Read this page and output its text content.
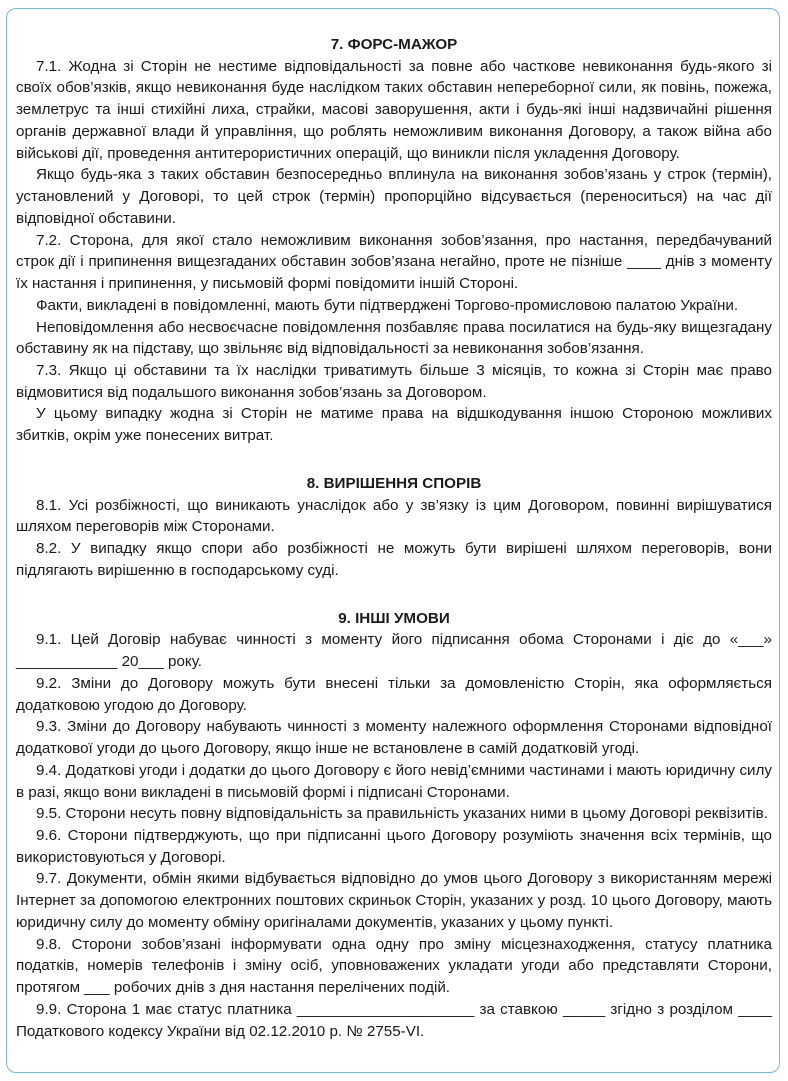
7. ФОРС-МАЖОР

7.1. Жодна зі Сторін не нестиме відповідальності за повне або часткове невиконання будь-якого зі своїх обов’язків, якщо невиконання буде наслідком таких обставин непереборної сили, як повінь, пожежа, землетрус та інші стихійні лиха, страйки, масові заворушення, акти і будь-які інші надзвичайні рішення органів державної влади й управління, що роблять неможливим виконання Договору, а також війна або військові дії, проведення антитерористичних операцій, що виникли після укладення Договору.

Якщо будь-яка з таких обставин безпосередньо вплинула на виконання зобов’язань у строк (термін), установлений у Договорі, то цей строк (термін) пропорційно відсувається (переноситься) на час дії відповідної обставини.

7.2. Сторона, для якої стало неможливим виконання зобов’язання, про настання, передбачуваний строк дії і припинення вищезгаданих обставин зобов’язана негайно, проте не пізніше ____ днів з моменту їх настання і припинення, у письмовій формі повідомити іншій Стороні.

Факти, викладені в повідомленні, мають бути підтверджені Торгово-промисловою палатою України.

Неповідомлення або несвоєчасне повідомлення позбавляє права посилатися на будь-яку вищезгадану обставину як на підставу, що звільняє від відповідальності за невиконання зобов’язання.

7.3. Якщо ці обставини та їх наслідки триватимуть більше 3 місяців, то кожна зі Сторін має право відмовитися від подальшого виконання зобов’язань за Договором.

У цьому випадку жодна зі Сторін не матиме права на відшкодування іншою Стороною можливих збитків, окрім уже понесених витрат.

8. ВИРІШЕННЯ СПОРІВ

8.1. Усі розбіжності, що виникають унаслідок або у зв’язку із цим Договором, повинні вирішуватися шляхом переговорів між Сторонами.

8.2. У випадку якщо спори або розбіжності не можуть бути вирішені шляхом переговорів, вони підлягають вирішенню в господарському суді.

9. ІНШІ УМОВИ

9.1. Цей Договір набуває чинності з моменту його підписання обома Сторонами і діє до «___» ____________ 20___ року.

9.2. Зміни до Договору можуть бути внесені тільки за домовленістю Сторін, яка оформляється додатковою угодою до Договору.

9.3. Зміни до Договору набувають чинності з моменту належного оформлення Сторонами відповідної додаткової угоди до цього Договору, якщо інше не встановлене в самій додатковій угоді.

9.4. Додаткові угоди і додатки до цього Договору є його невід’ємними частинами і мають юридичну силу в разі, якщо вони викладені в письмовій формі і підписані Сторонами.

9.5. Сторони несуть повну відповідальність за правильність указаних ними в цьому Договорі реквізитів.

9.6. Сторони підтверджують, що при підписанні цього Договору розуміють значення всіх термінів, що використовуються у Договорі.

9.7. Документи, обмін якими відбувається відповідно до умов цього Договору з використанням мережі Інтернет за допомогою електронних поштових скриньок Сторін, указаних у розд. 10 цього Договору, мають юридичну силу до моменту обміну оригіналами документів, указаних у цьому пункті.

9.8. Сторони зобов’язані інформувати одна одну про зміну місцезнаходження, статусу платника податків, номерів телефонів і зміну осіб, уповноважених укладати угоди або представляти Сторони, протягом ___ робочих днів з дня настання перелічених подій.

9.9. Сторона 1 має статус платника _____________________ за ставкою _____ згідно з розділом ____ Податкового кодексу України від 02.12.2010 р. № 2755-VI.
